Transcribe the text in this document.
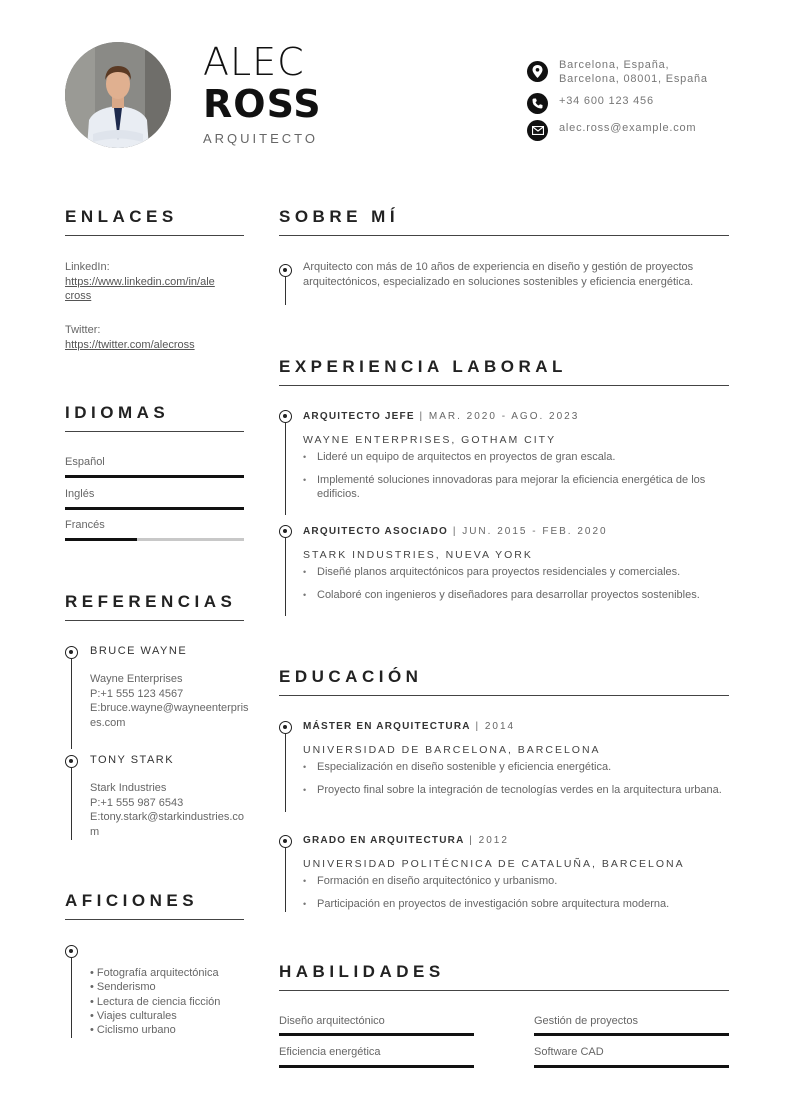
ALEC
ROSS
ARQUITECTO
Barcelona, España,
Barcelona, 08001, España
+34 600 123 456
alec.ross@example.com
ENLACES
LinkedIn:
https://www.linkedin.com/in/ale
cross
Twitter:
https://twitter.com/alecross
IDIOMAS
Español
Inglés
Francés
REFERENCIAS
BRUCE WAYNE
Wayne Enterprises
P:+1 555 123 4567
E:bruce.wayne@wayneenterprises.com
TONY STARK
Stark Industries
P:+1 555 987 6543
E:tony.stark@starkindustries.com
AFICIONES
• Fotografía arquitectónica
• Senderismo
• Lectura de ciencia ficción
• Viajes culturales
• Ciclismo urbano
SOBRE MÍ
Arquitecto con más de 10 años de experiencia en diseño y gestión de proyectos arquitectónicos, especializado en soluciones sostenibles y eficiencia energética.
EXPERIENCIA LABORAL
ARQUITECTO JEFE | MAR. 2020 - AGO. 2023
WAYNE ENTERPRISES, GOTHAM CITY
• Lideré un equipo de arquitectos en proyectos de gran escala.
• Implementé soluciones innovadoras para mejorar la eficiencia energética de los edificios.
ARQUITECTO ASOCIADO | JUN. 2015 - FEB. 2020
STARK INDUSTRIES, NUEVA YORK
• Diseñé planos arquitectónicos para proyectos residenciales y comerciales.
• Colaboré con ingenieros y diseñadores para desarrollar proyectos sostenibles.
EDUCACIÓN
MÁSTER EN ARQUITECTURA | 2014
UNIVERSIDAD DE BARCELONA, BARCELONA
• Especialización en diseño sostenible y eficiencia energética.
• Proyecto final sobre la integración de tecnologías verdes en la arquitectura urbana.
GRADO EN ARQUITECTURA | 2012
UNIVERSIDAD POLITÉCNICA DE CATALUÑA, BARCELONA
• Formación en diseño arquitectónico y urbanismo.
• Participación en proyectos de investigación sobre arquitectura moderna.
HABILIDADES
Diseño arquitectónico	Gestión de proyectos
Eficiencia energética	Software CAD
